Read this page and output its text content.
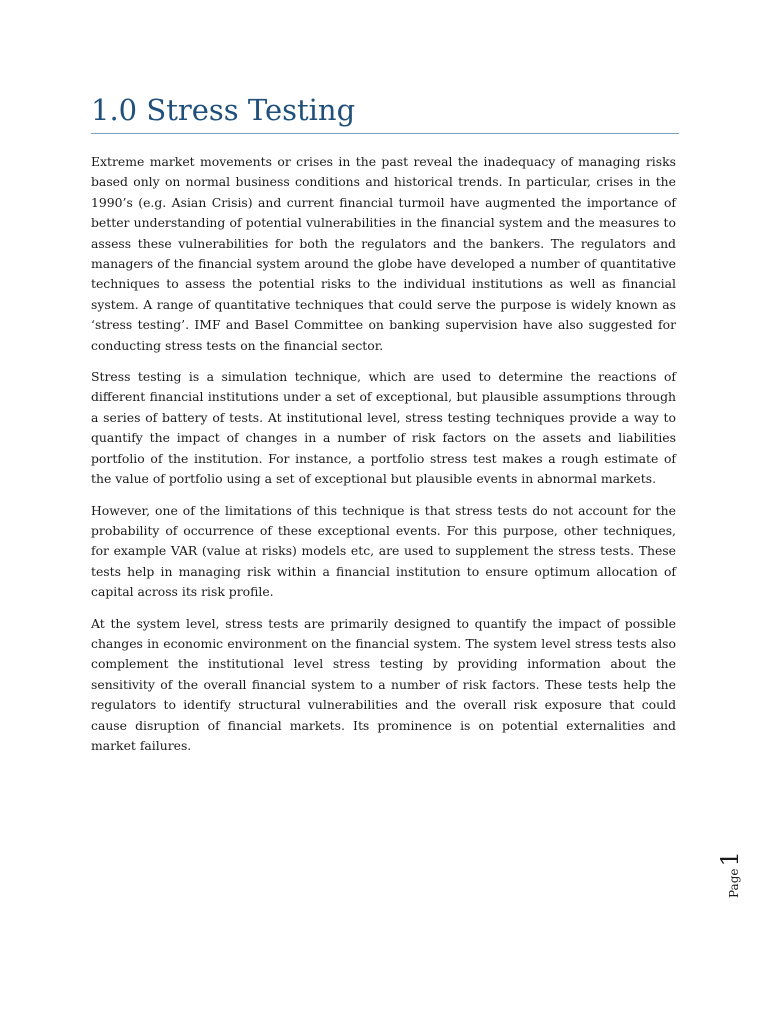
1.0 Stress Testing

Extreme market movements or crises in the past reveal the inadequacy of managing risks based only on normal business conditions and historical trends. In particular, crises in the 1990’s (e.g. Asian Crisis) and current financial turmoil have augmented the importance of better understanding of potential vulnerabilities in the financial system and the measures to assess these vulnerabilities for both the regulators and the bankers. The regulators and managers of the financial system around the globe have developed a number of quantitative techniques to assess the potential risks to the individual institutions as well as financial system. A range of quantitative techniques that could serve the purpose is widely known as ‘stress testing’. IMF and Basel Committee on banking supervision have also suggested for conducting stress tests on the financial sector.

Stress testing is a simulation technique, which are used to determine the reactions of different financial institutions under a set of exceptional, but plausible assumptions through a series of battery of tests. At institutional level, stress testing techniques provide a way to quantify the impact of changes in a number of risk factors on the assets and liabilities portfolio of the institution. For instance, a portfolio stress test makes a rough estimate of the value of portfolio using a set of exceptional but plausible events in abnormal markets.

However, one of the limitations of this technique is that stress tests do not account for the probability of occurrence of these exceptional events. For this purpose, other techniques, for example VAR (value at risks) models etc, are used to supplement the stress tests. These tests help in managing risk within a financial institution to ensure optimum allocation of capital across its risk profile.

At the system level, stress tests are primarily designed to quantify the impact of possible changes in economic environment on the financial system. The system level stress tests also complement the institutional level stress testing by providing information about the sensitivity of the overall financial system to a number of risk factors. These tests help the regulators to identify structural vulnerabilities and the overall risk exposure that could cause disruption of financial markets. Its prominence is on potential externalities and market failures.

Page1
